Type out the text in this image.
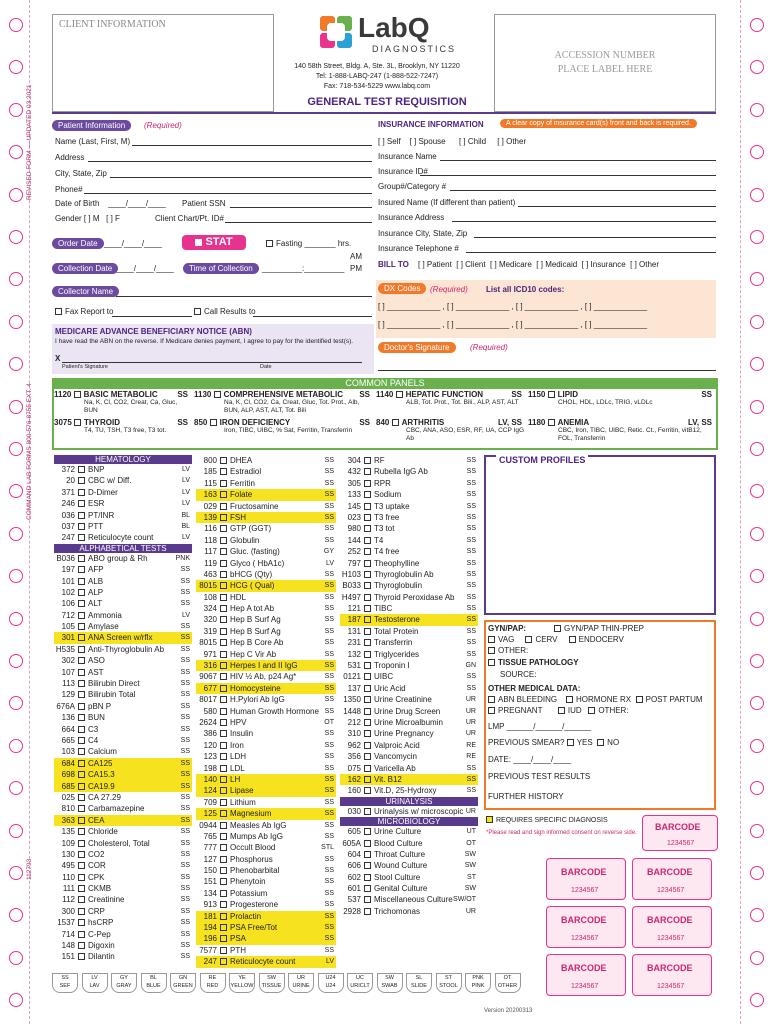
REVISED FORM — UPDATED 03.2021
COMMAND LAB FORMS 800-576-8755 EXT. 4
112793
CLIENT INFORMATION	LabQ
DIAGNOSTICS
140 58th Street, Bldg. A, Ste. 3L, Brooklyn, NY 11220
Tel: 1-888-LABQ-247 (1-888-522-7247)
Fax: 718-534-5229 www.labq.com
ACCESSION NUMBER
PLACE LABEL HERE
GENERAL TEST REQUISITION
Patient Information	(Required)
Name (Last, First, M)
Address
City, State, Zip
Phone#
Date of Birth ____/____/____ Patient SSN
Gender [ ] M   [ ] F	Client Chart/Pt. ID#
Order Date ____/____/____	STAT	Fasting _______ hrs.
AM
Collection Date ____/____/____	Time of Collection	_________:_________ PM
Collector Name
Fax Report to	Call Results to
MEDICARE ADVANCE BENEFICIARY NOTICE (ABN)
I have read the ABN on the reverse. If Medicare denies payment, I agree to pay for the identified test(s).
X
Patient's Signature	Date
INSURANCE INFORMATION	A clear copy of insurance card(s) front and back is required.
[ ] Self    [ ] Spouse      [ ] Child     [ ] Other
Insurance Name
Insurance ID#
Group#/Category #
Insured Name (If different than patient)
Insurance Address
Insurance City, State, Zip
Insurance Telephone #
BILL TO [ ] Patient  [ ] Client  [ ] Medicare  [ ] Medicaid  [ ] Insurance  [ ] Other
DX Codes	(Required) List all ICD10 codes:
[ ] ____________ , [ ] ____________ , [ ] ____________ , [ ] ____________
[ ] ____________ , [ ] ____________ , [ ] ____________ , [ ] ____________
Doctor's Signature	(Required)
COMMON PANELS
1120 BASIC METABOLIC SS
Na, K, Cl, CO2, Creat, Ca, Gluc, BUN
1130 COMPREHENSIVE METABOLIC SS
Na, K, Cl, CO2, Ca, Creat, Gluc, Tot. Prot., Alb, BUN, ALP, AST, ALT, Tot. Bili
1140 HEPATIC FUNCTION	SS
ALB, Tot. Prot., Tot. Bili., ALP, AST, ALT
1150 LIPID	SS
CHOL, HDL, LDLc, TRIG, vLDLc
3075 THYROID	SS
T4, TU, TSH, T3 free, T3 tot.
850 IRON DEFICIENCY	SS
Iron, TIBC, UIBC, % Sat, Ferritin, Transferrin
840 ARTHRITIS	LV, SS
CBC, ANA, ASO, ESR, RF, UA, CCP IgG Ab
1180 ANEMIA	LV, SS
CBC, Iron, TIBC, UIBC, Retic. Ct., Ferritin, vitB12, FOL, Transferrin
HEMATOLOGY
372 BNP	LV
20 CBC w/ Diff.	LV
371 D-Dimer	LV
246 ESR	LV
036 PT/INR	BL
037 PTT	BL
247 Reticulocyte count	LV
ALPHABETICAL TESTS
B036 ABO group & Rh	PNK
197 AFP	SS
101 ALB	SS
102 ALP	SS
106 ALT	SS
712 Ammonia	LV
105 Amylase	SS
301 ANA Screen w/rflx	SS
H535 Anti-Thyroglobulin Ab SS
302 ASO	SS
107 AST	SS
113 Bilirubin Direct	SS
129 Bilirubin Total	SS
676A pBN P	SS
136 BUN	SS
664 C3	SS
665 C4	SS
103 Calcium	SS
684 CA125	SS
698 CA15.3	SS
685 CA19.9	SS
025 CA 27.29	SS
810 Carbamazepine	SS
363 CEA	SS
135 Chloride	SS
109 Cholesterol, Total	SS
130 CO2	SS
495 COR	SS
110 CPK	SS
111 CKMB	SS
112 Creatinine	SS
300 CRP	SS
1537 hsCRP	SS
714 C-Pep	SS
148 Digoxin	SS
151 Dilantin	SS
800 DHEA	SS
185 Estradiol	SS
115 Ferritin	SS
163 Folate	SS
029 Fructosamine	SS
139 FSH	SS
116 GTP (GGT)	SS
118 Globulin	SS
117 Gluc. (fasting)	GY
119 Glyco ( HbA1c)	LV
463 bHCG (Qty)	SS
8015 HCG ( Qual)	SS
108 HDL	SS
324 Hep A tot Ab	SS
320 Hep B Surf Ag	SS
319 Hep B Surf Ag	SS
8015 Hep B Core Ab	SS
971 Hep C Vir Ab	SS
316 Herpes I and II IgG	SS
9067 HIV ½ Ab, p24 Ag*	SS
677 Homocysteine	SS
8017 H.Pylori Ab IgG	SS
580 Human Growth Hormone SS
2624 HPV	OT
386 Insulin	SS
120 Iron	SS
123 LDH	SS
198 LDL	SS
140 LH	SS
124 Lipase	SS
709 Lithium	SS
125 Magnesium	SS
0944 Measles Ab IgG	SS
765 Mumps Ab IgG	SS
777 Occult Blood	STL
127 Phosphorus	SS
150 Phenobarbital	SS
151 Phenytoin	SS
134 Potassium	SS
913 Progesterone	SS
181 Prolactin	SS
194 PSA Free/Tot	SS
196 PSA	SS
7577 PTH	SS
247 Reticulocyte count	LV
304 RF	SS
432 Rubella IgG Ab	SS
305 RPR	SS
133 Sodium	SS
145 T3 uptake	SS
023 T3 free	SS
980 T3 tot	SS
144 T4	SS
252 T4 free	SS
797 Theophylline	SS
H103 Thyroglobulin Ab	SS
B033 Thyroglobulin	SS
H497 Thyroid Peroxidase Ab SS
121 TIBC	SS
187 Testosterone	SS
131 Total Protein	SS
231 Transferrin	SS
132 Triglycerides	SS
531 Troponin I	GN
0121 UIBC	SS
137 Uric Acid	SS
1350 Urine Creatinine	UR
1448 Urine Drug Screen	UR
212 Urine Microalbumin	UR
310 Urine Pregnancy	UR
962 Valproic Acid	RE
356 Vancomycin	RE
075 Varicella Ab	SS
162 Vit. B12	SS
160 Vit.D, 25-Hydroxy	SS
URINALYSIS
030 Urinalysis w/ microscopic UR
MICROBIOLOGY
605 Urine Culture	UT
605A Blood Culture	OT
604 Throat Culture	SW
606 Wound Culture	SW
602 Stool Culture	ST
601 Genital Culture	SW
537 Miscellaneous Culture SW/OT
2928 Trichomonas	UR
CUSTOM PROFILES
GYN/PAP:	GYN/PAP THIN-PREP
VAG	CERV	ENDOCERV
OTHER:
TISSUE PATHOLOGY
SOURCE:
OTHER MEDICAL DATA:
ABN BLEEDING HORMONE RX POST PARTUM
PREGNANT	IUD OTHER:
LMP ______/______/______
PREVIOUS SMEAR? YES NO
DATE: ____/____/____
PREVIOUS TEST RESULTS
FURTHER HISTORY
REQUIRES SPECIFIC DIAGNOSIS
*Please read and sign informed consent on reverse side.
BARCODE
1234567
BARCODE
1234567
BARCODE
1234567
BARCODE
1234567
BARCODE
1234567
BARCODE
1234567
BARCODE
1234567
SS
SEF
LV
LAV
GY
GRAY
BL
BLUE
GN
GREEN
RE
RED
YE
YELLOW
SW
TISSUE
UR
URINE
U24
U24
UC
URICLT
SW
SWAB
SL
SLIDE
ST
STOOL
PNK
PINK
OT
OTHER
Version 20200313
